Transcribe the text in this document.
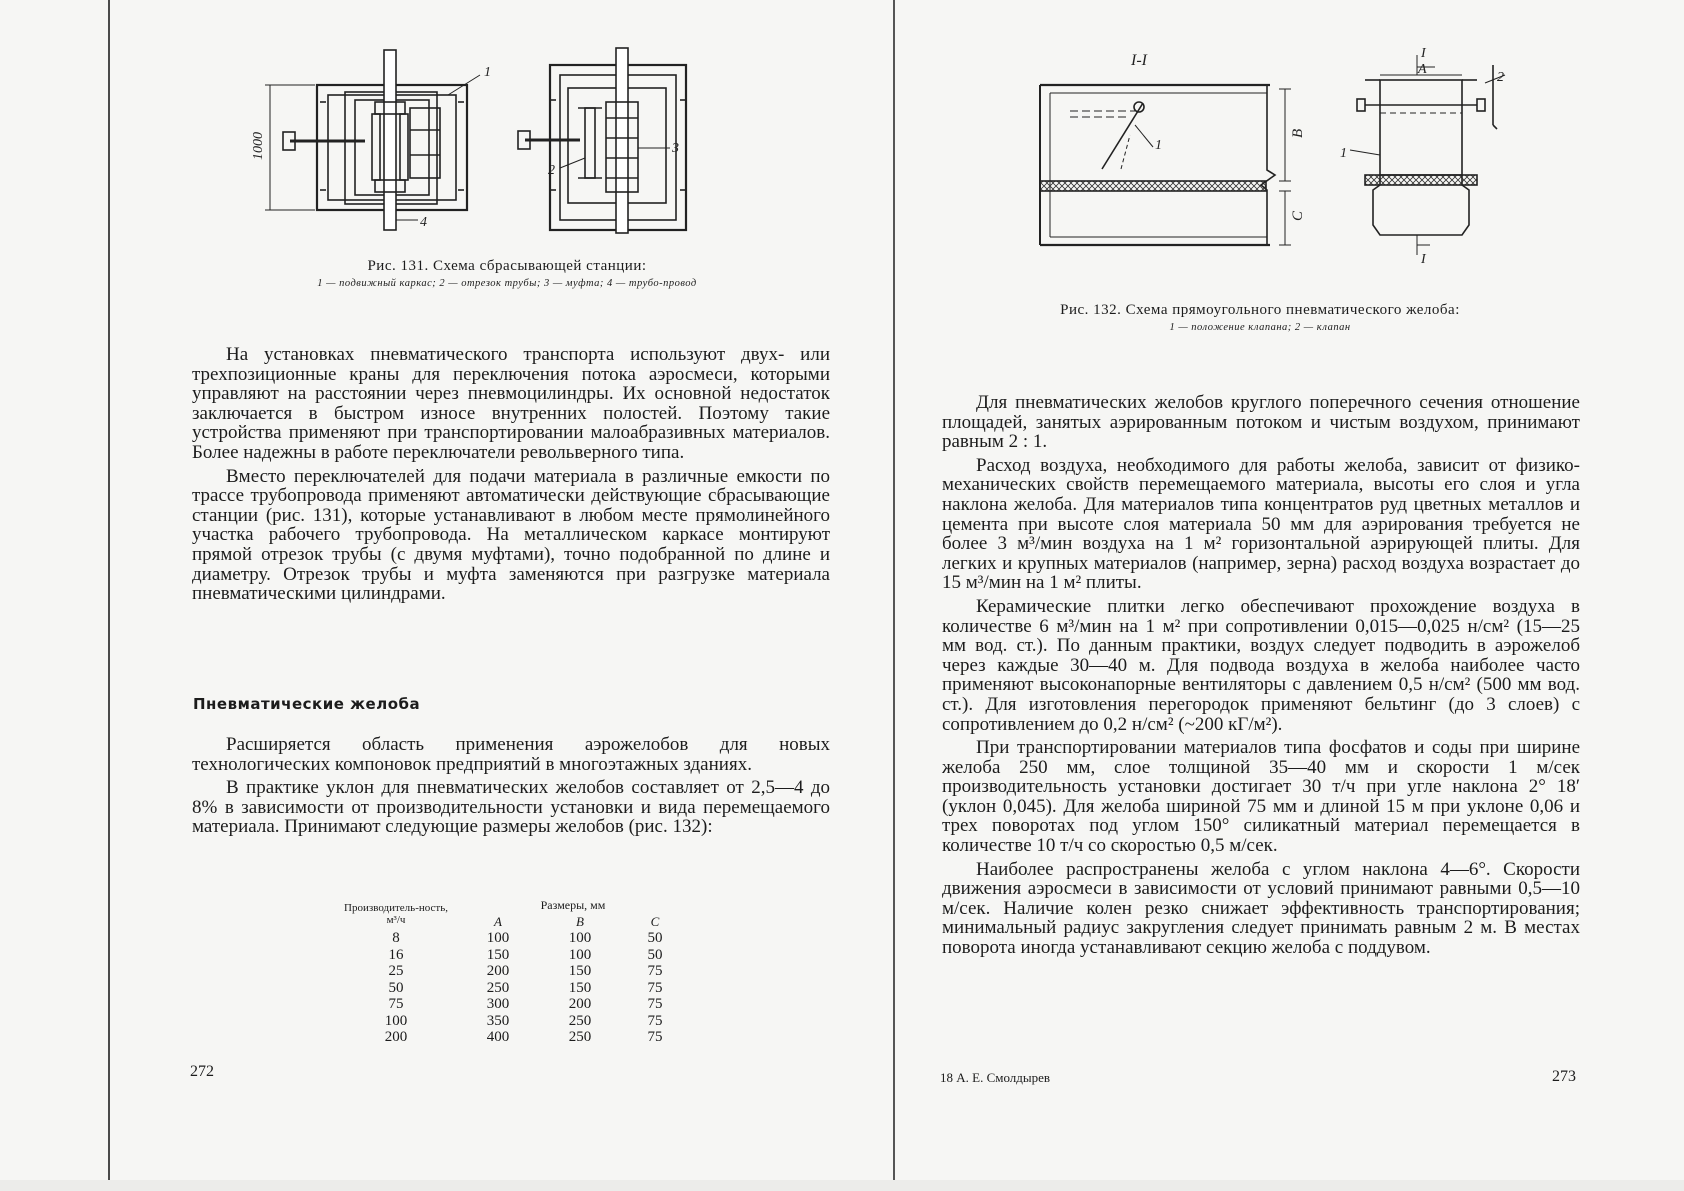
1000
1
4
3
2
Рис. 131. Схема сбрасывающей станции:
1 — подвижный каркас; 2 — отрезок трубы; 3 — муфта; 4 — трубо-провод

На установках пневматического транспорта используют двух- или трехпозиционные краны для переключения потока аэросмеси, которыми управляют на расстоянии через пневмоцилиндры. Их основной недостаток заключается в быстром износе внутренних полостей. Поэтому такие устройства применяют при транспортировании малоабразивных материалов. Более надежны в работе переключатели револьверного типа.

Вместо переключателей для подачи материала в различные емкости по трассе трубопровода применяют автоматически действующие сбрасывающие станции (рис. 131), которые устанавливают в любом месте прямолинейного участка рабочего трубопровода. На металлическом каркасе монтируют прямой отрезок трубы (с двумя муфтами), точно подобранной по длине и диаметру. Отрезок трубы и муфта заменяются при разгрузке материала пневматическими цилиндрами.

Пневматические желоба

Расширяется область применения аэрожелобов для новых технологических компоновок предприятий в многоэтажных зданиях.

В практике уклон для пневматических желобов составляет от 2,5—4 до 8% в зависимости от производительности установки и вида перемещаемого материала. Принимают следующие размеры желобов (рис. 132):

Производитель-ность, м³/ч	Размеры, мм		
	A	B	C
8	100	100	50
16	150	100	50
25	200	150	75
50	250	150	75
75	300	200	75
100	350	250	75
200	400	250	75
272
I-I
1
B
C
A
I
I
2
1
Рис. 132. Схема прямоугольного пневматического желоба:
1 — положение клапана; 2 — клапан

Для пневматических желобов круглого поперечного сечения отношение площадей, занятых аэрированным потоком и чистым воздухом, принимают равным 2 : 1.

Расход воздуха, необходимого для работы желоба, зависит от физико-механических свойств перемещаемого материала, высоты его слоя и угла наклона желоба. Для материалов типа концентратов руд цветных металлов и цемента при высоте слоя материала 50 мм для аэрирования требуется не более 3 м³/мин воздуха на 1 м² горизонтальной аэрирующей плиты. Для легких и крупных материалов (например, зерна) расход воздуха возрастает до 15 м³/мин на 1 м² плиты.

Керамические плитки легко обеспечивают прохождение воздуха в количестве 6 м³/мин на 1 м² при сопротивлении 0,015—0,025 н/см² (15—25 мм вод. ст.). По данным практики, воздух следует подводить в аэрожелоб через каждые 30—40 м. Для подвода воздуха в желоба наиболее часто применяют высоконапорные вентиляторы с давлением 0,5 н/см² (500 мм вод. ст.). Для изготовления перегородок применяют бельтинг (до 3 слоев) с сопротивлением до 0,2 н/см² (~200 кГ/м²).

При транспортировании материалов типа фосфатов и соды при ширине желоба 250 мм, слое толщиной 35—40 мм и скорости 1 м/сек производительность установки достигает 30 т/ч при угле наклона 2° 18′ (уклон 0,045). Для желоба шириной 75 мм и длиной 15 м при уклоне 0,06 и трех поворотах под углом 150° силикатный материал перемещается в количестве 10 т/ч со скоростью 0,5 м/сек.

Наиболее распространены желоба с углом наклона 4—6°. Скорости движения аэросмеси в зависимости от условий принимают равными 0,5—10 м/сек. Наличие колен резко снижает эффективность транспортирования; минимальный радиус закругления следует принимать равным 2 м. В местах поворота иногда устанавливают секцию желоба с поддувом.

18 А. Е. Смолдырев	273
